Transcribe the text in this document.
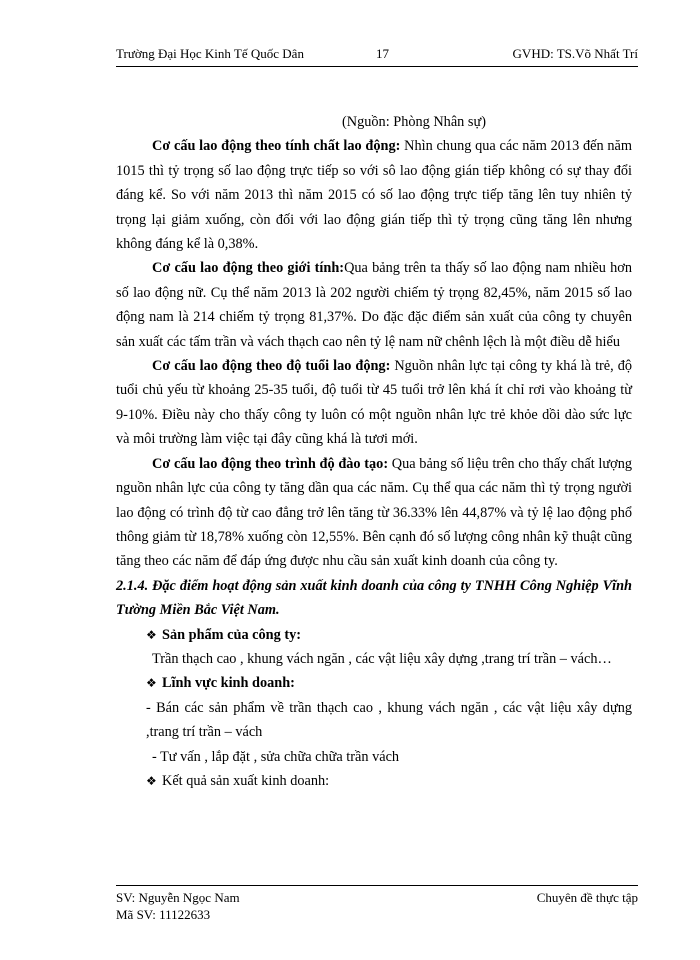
Trường Đại Học Kinh Tế Quốc Dân	17	GVHD: TS.Võ Nhất Trí

(Nguồn: Phòng Nhân sự)

Cơ cấu lao động theo tính chất lao động: Nhìn chung qua các năm 2013 đến năm 1015 thì tỷ trọng số lao động trực tiếp so với sô lao động gián tiếp không có sự thay đổi đáng kể. So với năm 2013 thì năm 2015 có số lao động trực tiếp tăng lên tuy nhiên tỷ trọng lại giảm xuống, còn đối với lao động gián tiếp thì tỷ trọng cũng tăng lên nhưng không đáng kể là 0,38%.

Cơ cấu lao động theo giới tính:Qua bảng trên ta thấy số lao động nam nhiều hơn số lao động nữ. Cụ thể năm 2013 là 202 người chiếm tỷ trọng 82,45%, năm 2015 số lao động nam là 214 chiếm tỷ trọng 81,37%. Do đặc đặc điểm sản xuất của công ty chuyên sản xuất các tấm trần và vách thạch cao nên tỷ lệ nam nữ chênh lệch là một điều dễ hiểu

Cơ cấu lao động theo độ tuổi lao động: Nguồn nhân lực tại công ty khá là trẻ, độ tuổi chủ yếu từ khoảng 25-35 tuổi, độ tuổi từ 45 tuổi trở lên khá ít chỉ rơi vào khoảng từ 9-10%. Điều này cho thấy công ty luôn có một nguồn nhân lực trẻ khỏe dồi dào sức lực và môi trường làm việc tại đây cũng khá là tươi mới.

Cơ cấu lao động theo trình độ đào tạo: Qua bảng số liệu trên cho thấy chất lượng nguồn nhân lực của công ty tăng dần qua các năm. Cụ thể qua các năm thì tỷ trọng người lao động có trình độ từ cao đẳng trở lên tăng từ 36.33% lên 44,87% và tỷ lệ lao động phổ thông giảm từ 18,78% xuống còn 12,55%. Bên cạnh đó số lượng công nhân kỹ thuật cũng tăng theo các năm để đáp ứng được nhu cầu sản xuất kinh doanh của công ty.

2.1.4. Đặc điểm hoạt động sản xuất kinh doanh của công ty TNHH Công Nghiệp Vĩnh Tường Miền Bắc Việt Nam.

❖ Sản phẩm của công ty:

Trần thạch cao , khung vách ngăn , các vật liệu xây dựng ,trang trí trần – vách…

❖ Lĩnh vực kinh doanh:

- Bán các sản phẩm về trần thạch cao , khung vách ngăn , các vật liệu xây dựng ,trang trí trần – vách

- Tư vấn , lắp đặt , sửa chữa chữa trần vách

❖ Kết quả sản xuất kinh doanh:

SV: Nguyễn Ngọc Nam
Mã SV: 11122633
Chuyên đề thực tập
